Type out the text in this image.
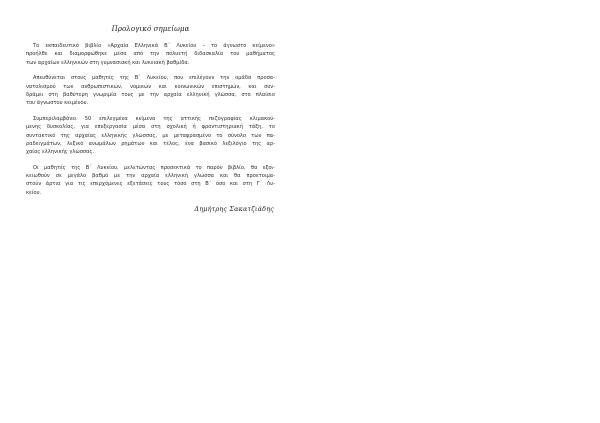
Προλογικό σημείωμα
Το εκπαιδευτικό βιβλίο «Αρχαία Ελληνικά Β΄ Λυκείου – το άγνωστο κείμενο»
προήλθε και διαμορφώθηκε μέσα από την πολυετή διδασκαλία του μαθήματος
των αρχαίων ελληνικών στη γυμνασιακή και λυκειακή βαθμίδα.
Απευθύνεται στους μαθητές της Β΄ Λυκείου, που επιλέγουν την ομάδα προσα-
νατολισμού των ανθρωπιστικών, νομικών και κοινωνικών επιστημών, και συν-
δράμει στη βαθύτερη γνωριμία τους με την αρχαία ελληνική γλώσσα, στο πλαίσιο
του άγνωστου κειμένου.
Συμπεριλαμβάνει 50 επιλεγμένα κείμενα της αττικής πεζογραφίας κλιμακού-
μενης δυσκολίας, για επεξεργασία μέσα στη σχολική ή φροντιστηριακή τάξη, το
συντακτικό της αρχαίας ελληνικής γλώσσας, με μεταφρασμένο το σύνολο των πα-
ραδειγμάτων, λεξικό ανωμάλων ρημάτων και τέλος, ένα βασικό λεξιλόγιο της αρ-
χαίας ελληνικής γλώσσας.
Οι μαθητές της Β΄ Λυκείου, μελετώντας προσεκτικά το παρόν βιβλίο, θα εξοι-
κειωθούν σε μεγάλο βαθμό με την αρχαία ελληνική γλώσσα και θα προετοιμα-
στούν άρτια για τις επερχόμενες εξετάσεις τους τόσο στη Β΄ όσο και στη Γ΄ Λυ-
κείου.
Δημήτρης Σακατζιάδης
